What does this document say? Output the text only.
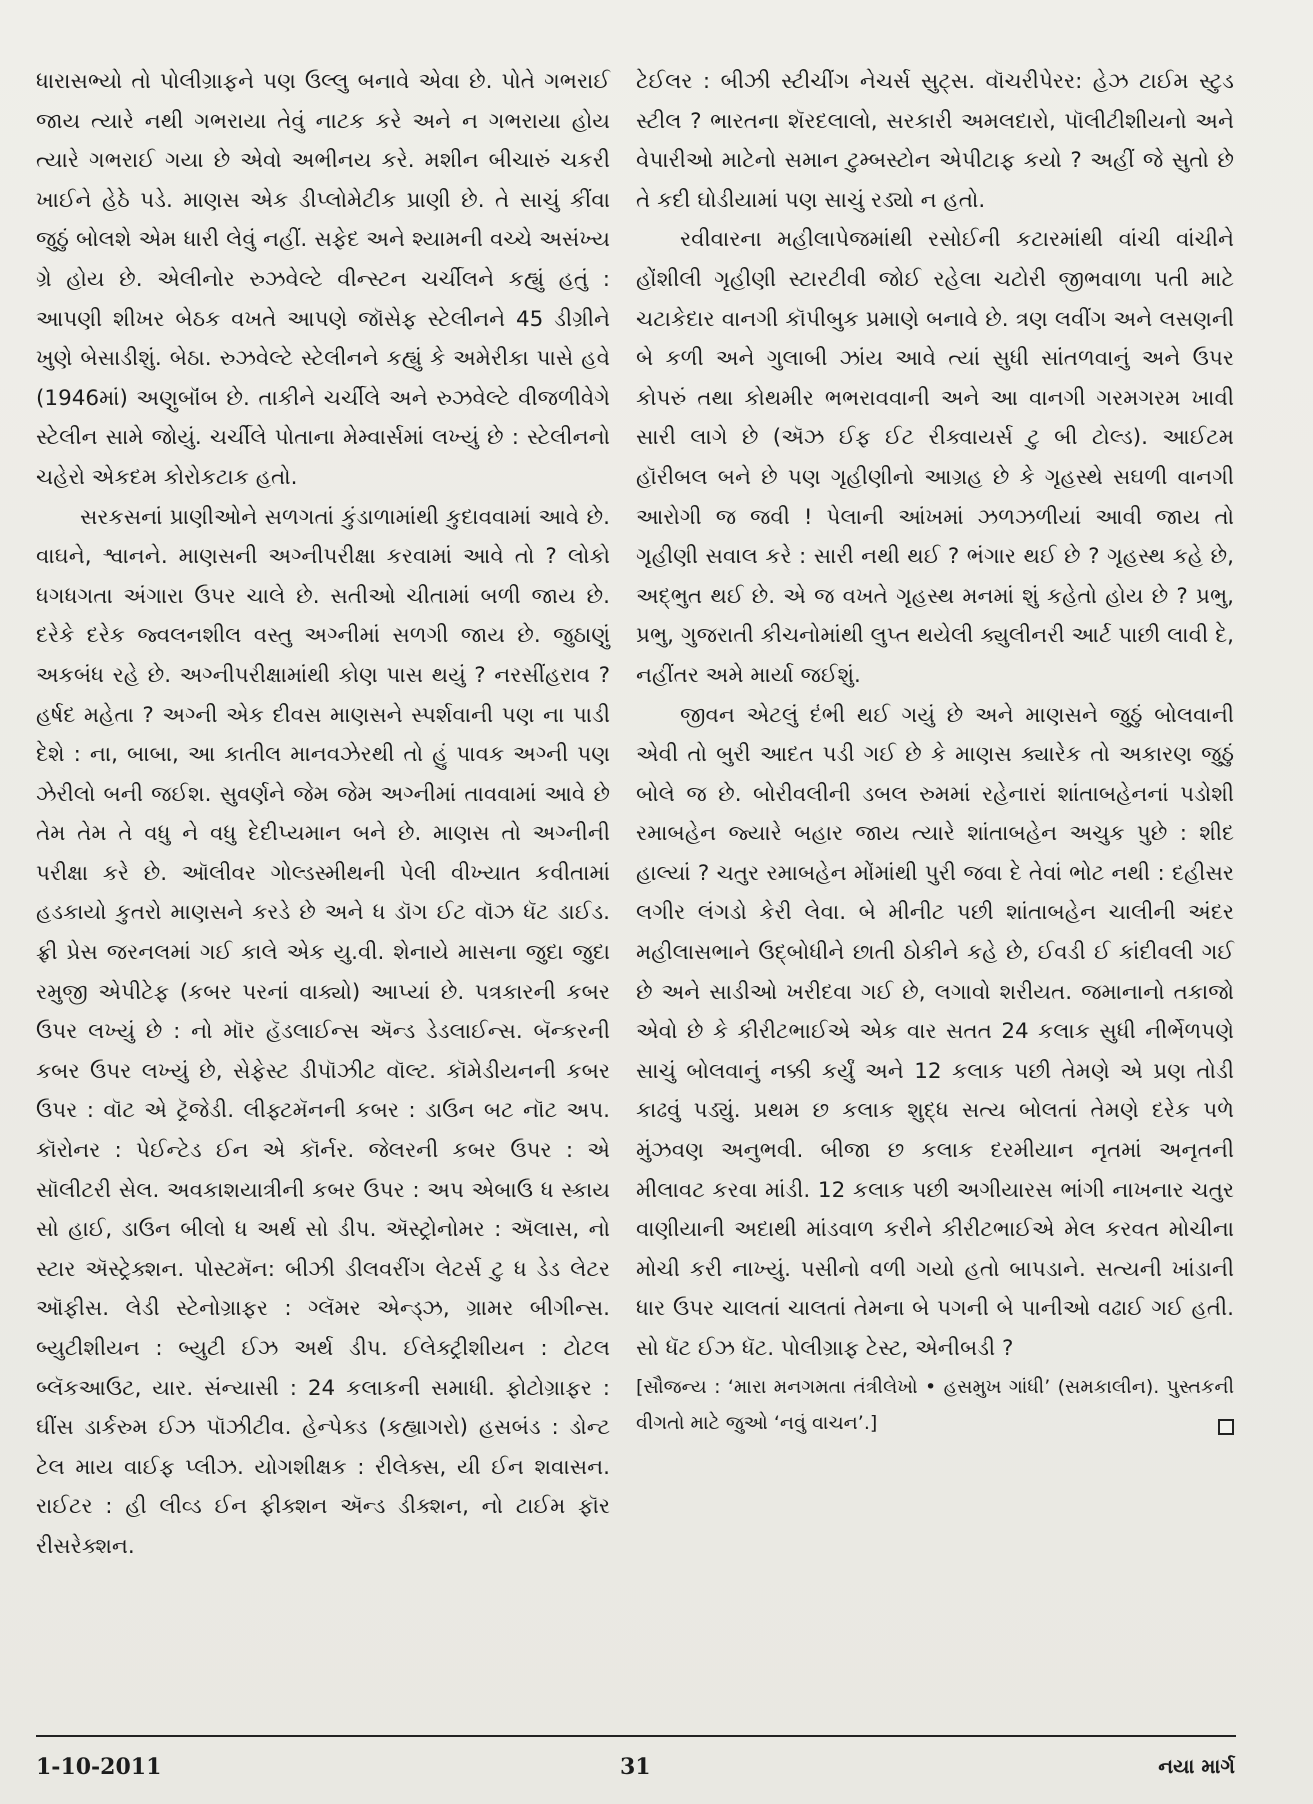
ધારાસભ્યો તો પોલીગ્રાફને પણ ઉલ્લુ બનાવે એવા છે. પોતે ગભરાઈ જાય ત્યારે નથી ગભરાયા તેવું નાટક કરે અને ન ગભરાયા હોય ત્યારે ગભરાઈ ગયા છે એવો અભીનય કરે. મશીન બીચારું ચકરી ખાઈને હેઠે પડે. માણસ એક ડીપ્લોમેટીક પ્રાણી છે. તે સાચું કીંવા જુઠું બોલશે એમ ધારી લેવું નહીં. સફેદ અને શ્યામની વચ્ચે અસંખ્ય ગ્રે હોય છે. એલીનોર રુઝવેલ્ટે વીન્સ્ટન ચર્ચીલને કહ્યું હતું : આપણી શીખર બેઠક વખતે આપણે જૉસેફ સ્ટેલીનને 45 ડીગ્રીને ખુણે બેસાડીશું. બેઠા. રુઝવેલ્ટે સ્ટેલીનને કહ્યું કે અમેરીકા પાસે હવે (1946માં) અણુબૉંબ છે. તાકીને ચર્ચીલે અને રુઝવેલ્ટે વીજળીવેગે સ્ટેલીન સામે જોયું. ચર્ચીલે પોતાના મેમ્વાર્સમાં લખ્યું છે : સ્ટેલીનનો ચહેરો એકદમ કોરોકટાક હતો.

સરકસનાં પ્રાણીઓને સળગતાં કુંડાળામાંથી કુદાવવામાં આવે છે. વાઘને, શ્વાનને. માણસની અગ્નીપરીક્ષા કરવામાં આવે તો ? લોકો ધગધગતા અંગારા ઉપર ચાલે છે. સતીઓ ચીતામાં બળી જાય છે. દરેકે દરેક જ્વલનશીલ વસ્તુ અગ્નીમાં સળગી જાય છે. જુઠાણું અકબંધ રહે છે. અગ્નીપરીક્ષામાંથી કોણ પાસ થયું ? નરસીંહરાવ ? હર્ષદ મહેતા ? અગ્ની એક દીવસ માણસને સ્પર્શવાની પણ ના પાડી દેશે : ના, બાબા, આ કાતીલ માનવઝેરથી તો હું પાવક અગ્ની પણ ઝેરીલો બની જઈશ. સુવર્ણને જેમ જેમ અગ્નીમાં તાવવામાં આવે છે તેમ તેમ તે વધુ ને વધુ દેદીપ્યમાન બને છે. માણસ તો અગ્નીની પરીક્ષા કરે છે. ઑલીવર ગોલ્ડસ્મીથની પેલી વીખ્યાત કવીતામાં હડકાયો કુતરો માણસને કરડે છે અને ધ ડૉગ ઈટ વૉઝ ધૅટ ડાઈડ. ફ્રી પ્રેસ જરનલમાં ગઈ કાલે એક યુ.વી. શેનાયે માસના જુદા જુદા રમુજી એપીટેફ (કબર પરનાં વાક્યો) આપ્યાં છે. પત્રકારની કબર ઉપર લખ્યું છે : નો મૉર હૅડલાઈન્સ ઍન્ડ ડેડલાઈન્સ. બૅન્કરની કબર ઉપર લખ્યું છે, સેફેસ્ટ ડીપૉઝીટ વૉલ્ટ. કૉમેડીયનની કબર ઉપર : વૉટ એ ટ્રૅજેડી. લીફ્ટમૅનની કબર : ડાઉન બટ નૉટ અપ. કૉરોનર : પેઈન્ટેડ ઈન એ કૉર્નર. જેલરની કબર ઉપર : એ સૉલીટરી સેલ. અવકાશયાત્રીની કબર ઉપર : અપ એબાઉ ધ સ્કાય સો હાઈ, ડાઉન બીલો ધ અર્થ સો ડીપ. ઍસ્ટ્રોનોમર : ઍલાસ, નો સ્ટાર ઍસ્ટ્રેક્શન. પોસ્ટમૅન: બીઝી ડીલવરીંગ લેટર્સ ટુ ધ ડેડ લેટર ઑફીસ. લેડી સ્ટેનોગ્રાફર : ગ્લૅમર એન્ડ્ઝ, ગ્રામર બીગીન્સ. બ્યુટીશીયન : બ્યુટી ઈઝ અર્થ ડીપ. ઈલેક્ટ્રીશીયન : ટોટલ બ્લૅકઆઉટ, યાર. સંન્યાસી : 24 કલાકની સમાધી. ફોટોગ્રાફર : ઘીંસ ડાર્કરુમ ઈઝ પૉઝીટીવ. હેન્પેક્ડ (કહ્યાગરો) હસબંડ : ડોન્ટ ટેલ માય વાઈફ પ્લીઝ. યોગશીક્ષક : રીલેક્સ, યી ઈન શવાસન. રાઈટર : હી લીવ્ડ ઈન ફીક્શન ઍન્ડ ડીક્શન, નો ટાઈમ ફૉર રીસરેક્શન.

ટેઈલર : બીઝી સ્ટીચીંગ નેચર્સ સુટ્સ. વૉચરીપેરર: હેઝ ટાઈમ સ્ટુડ સ્ટીલ ? ભારતના શૅરદલાલો, સરકારી અમલદારો, પૉલીટીશીયનો અને વેપારીઓ માટેનો સમાન ટુમ્બસ્ટોન એપીટાફ કયો ? અહીં જે સુતો છે તે કદી ઘોડીયામાં પણ સાચું રડ્યો ન હતો.

રવીવારના મહીલાપેજમાંથી રસોઈની કટારમાંથી વાંચી વાંચીને હોંશીલી ગૃહીણી સ્ટારટીવી જોઈ રહેલા ચટોરી જીભવાળા પતી માટે ચટાકેદાર વાનગી કૉપીબુક પ્રમાણે બનાવે છે. ત્રણ લવીંગ અને લસણની બે કળી અને ગુલાબી ઝાંય આવે ત્યાં સુધી સાંતળવાનું અને ઉપર કોપરું તથા કોથમીર ભભરાવવાની અને આ વાનગી ગરમગરમ ખાવી સારી લાગે છે (ઍઝ ઈફ ઈટ રીક્વાયર્સ ટુ બી ટોલ્ડ). આઈટમ હૉરીબલ બને છે પણ ગૃહીણીનો આગ્રહ છે કે ગૃહસ્થે સઘળી વાનગી આરોગી જ જવી ! પેલાની આંખમાં ઝળઝળીયાં આવી જાય તો ગૃહીણી સવાલ કરે : સારી નથી થઈ ? ભંગાર થઈ છે ? ગૃહસ્થ કહે છે, અદ્ભુત થઈ છે. એ જ વખતે ગૃહસ્થ મનમાં શું કહેતો હોય છે ? પ્રભુ, પ્રભુ, ગુજરાતી કીચનોમાંથી લુપ્ત થયેલી ક્યુલીનરી આર્ટ પાછી લાવી દે, નહીંતર અમે માર્યા જઈશું.

જીવન એટલું દંભી થઈ ગયું છે અને માણસને જુઠું બોલવાની એવી તો બુરી આદત પડી ગઈ છે કે માણસ ક્યારેક તો અકારણ જુઠું બોલે જ છે. બોરીવલીની ડબલ રુમમાં રહેનારાં શાંતાબહેનનાં પડોશી રમાબહેન જ્યારે બહાર જાય ત્યારે શાંતાબહેન અચુક પુછે : શીદ હાલ્યાં ? ચતુર રમાબહેન મોંમાંથી પુરી જવા દે તેવાં ભોટ નથી : દહીસર લગીર લંગડો કેરી લેવા. બે મીનીટ પછી શાંતાબહેન ચાલીની અંદર મહીલાસભાને ઉદ્બોધીને છાતી ઠોકીને કહે છે, ઈવડી ઈ કાંદીવલી ગઈ છે અને સાડીઓ ખરીદવા ગઈ છે, લગાવો શરીયત. જમાનાનો તકાજો એવો છે કે કીરીટભાઈએ એક વાર સતત 24 કલાક સુધી નીર્ભેળપણે સાચું બોલવાનું નક્કી કર્યું અને 12 કલાક પછી તેમણે એ પ્રણ તોડી કાઢવું પડ્યું. પ્રથમ છ કલાક શુદ્ધ સત્ય બોલતાં તેમણે દરેક પળે મુંઝવણ અનુભવી. બીજા છ કલાક દરમીયાન નૃતમાં અનૃતની મીલાવટ કરવા માંડી. 12 કલાક પછી અગીયારસ ભાંગી નાખનાર ચતુર વાણીયાની અદાથી માંડવાળ કરીને કીરીટભાઈએ મેલ કરવત મોચીના મોચી કરી નાખ્યું. પસીનો વળી ગયો હતો બાપડાને. સત્યની ખાંડાની ધાર ઉપર ચાલતાં ચાલતાં તેમના બે પગની બે પાનીઓ વઢાઈ ગઈ હતી. સો ધૅટ ઈઝ ધૅટ. પોલીગ્રાફ ટેસ્ટ, એનીબડી ?

[સૌજન્ય : ‘મારા મનગમતા તંત્રીલેખો • હસમુખ ગાંધી’ (સમકાલીન). પુસ્તકની વીગતો માટે જુઓ ‘નવું વાચન’.]

1-10-2011	31	નયા માર્ગ
